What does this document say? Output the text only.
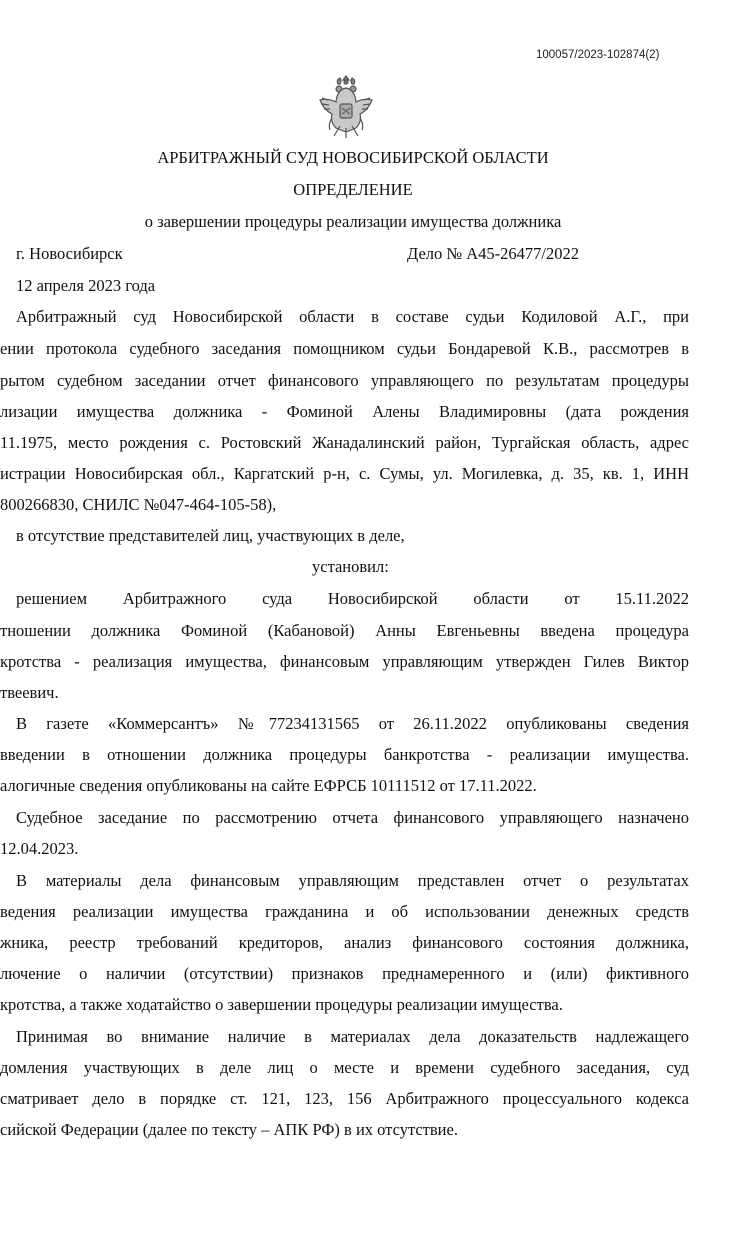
100057/2023-102874(2)
АРБИТРАЖНЫЙ СУД НОВОСИБИРСКОЙ ОБЛАСТИ
ОПРЕДЕЛЕНИЕ
о завершении процедуры реализации имущества должника
г. Новосибирск	Дело № А45-26477/2022
12 апреля 2023 года
Арбитражный суд Новосибирской области в составе судьи Кодиловой А.Г., при
ении протокола судебного заседания помощником судьи Бондаревой К.В., рассмотрев в
рытом судебном заседании отчет финансового управляющего по результатам процедуры
лизации имущества должника - Фоминой Алены Владимировны (дата рождения
11.1975, место рождения с. Ростовский Жанадалинский район, Тургайская область, адрес
истрации Новосибирская обл., Каргатский р-н, с. Сумы, ул. Могилевка, д. 35, кв. 1, ИНН
800266830, СНИЛС №047-464-105-58),
в отсутствие представителей лиц, участвующих в деле,
установил:
решением Арбитражного суда Новосибирской области от 15.11.2022
тношении должника Фоминой (Кабановой) Анны Евгеньевны введена процедура
кротства - реализация имущества, финансовым управляющим утвержден Гилев Виктор
твеевич.
В газете «Коммерсантъ» №77234131565 от 26.11.2022 опубликованы сведения
введении в отношении должника процедуры банкротства - реализации имущества.
алогичные сведения опубликованы на сайте ЕФРСБ 10111512 от 17.11.2022.
Судебное заседание по рассмотрению отчета финансового управляющего назначено
12.04.2023.
В материалы дела финансовым управляющим представлен отчет о результатах
ведения реализации имущества гражданина и об использовании денежных средств
жника, реестр требований кредиторов, анализ финансового состояния должника,
лючение о наличии (отсутствии) признаков преднамеренного и (или) фиктивного
кротства, а также ходатайство о завершении процедуры реализации имущества.
Принимая во внимание наличие в материалах дела доказательств надлежащего
домления участвующих в деле лиц о месте и времени судебного заседания, суд
сматривает дело в порядке ст. 121, 123, 156 Арбитражного процессуального кодекса
сийской Федерации (далее по тексту – АПК РФ) в их отсутствие.
